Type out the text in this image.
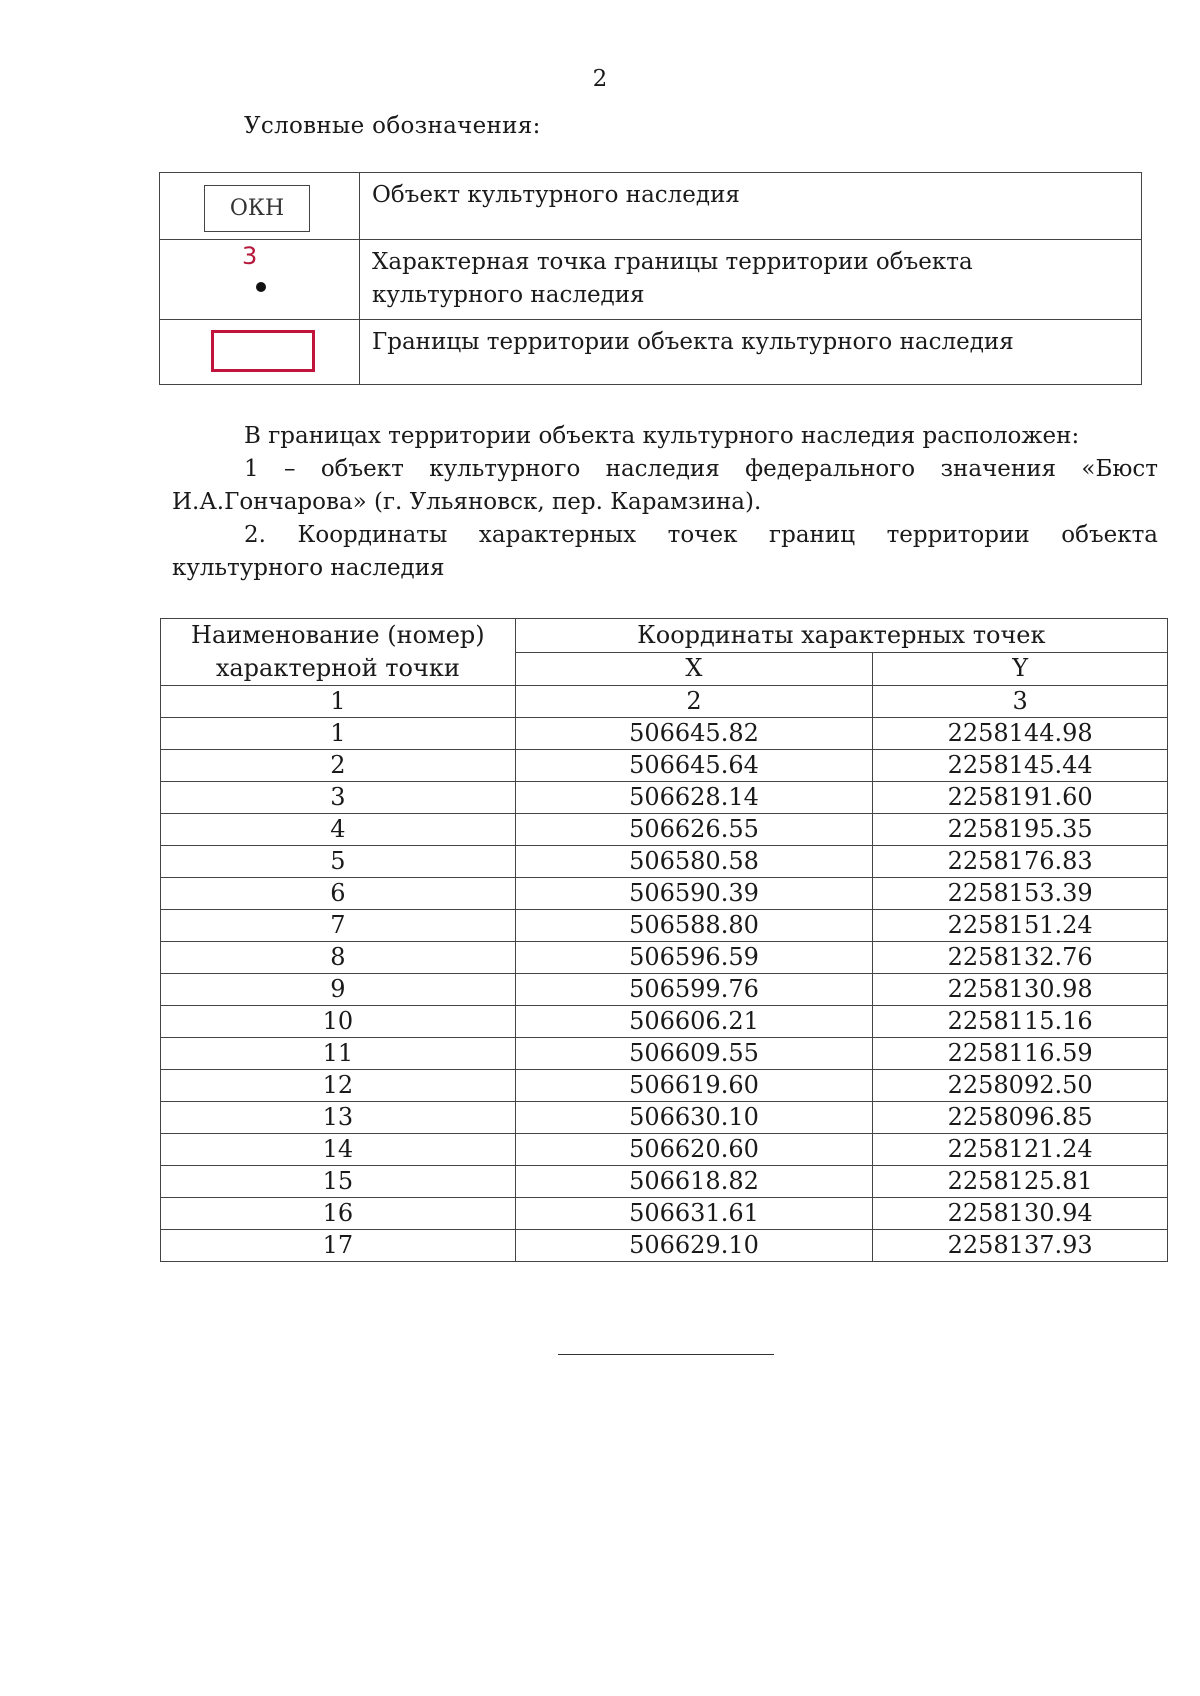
2
Условные обозначения:
ОКН	Объект культурного наследия

3	Характерная точка границы территории объекта культурного наследия

	Границы территории объекта культурного наследия
В границах территории объекта культурного наследия расположен:
1 – объект культурного наследия федерального значения «Бюст
И.А.Гончарова» (г. Ульяновск, пер. Карамзина).
2. Координаты характерных точек границ территории объекта
культурного наследия
Наименование (номер) характерной точки	Координаты характерных точек	
	X	Y
1	2	3
1	506645.82	2258144.98
2	506645.64	2258145.44
3	506628.14	2258191.60
4	506626.55	2258195.35
5	506580.58	2258176.83
6	506590.39	2258153.39
7	506588.80	2258151.24
8	506596.59	2258132.76
9	506599.76	2258130.98
10	506606.21	2258115.16
11	506609.55	2258116.59
12	506619.60	2258092.50
13	506630.10	2258096.85
14	506620.60	2258121.24
15	506618.82	2258125.81
16	506631.61	2258130.94
17	506629.10	2258137.93
